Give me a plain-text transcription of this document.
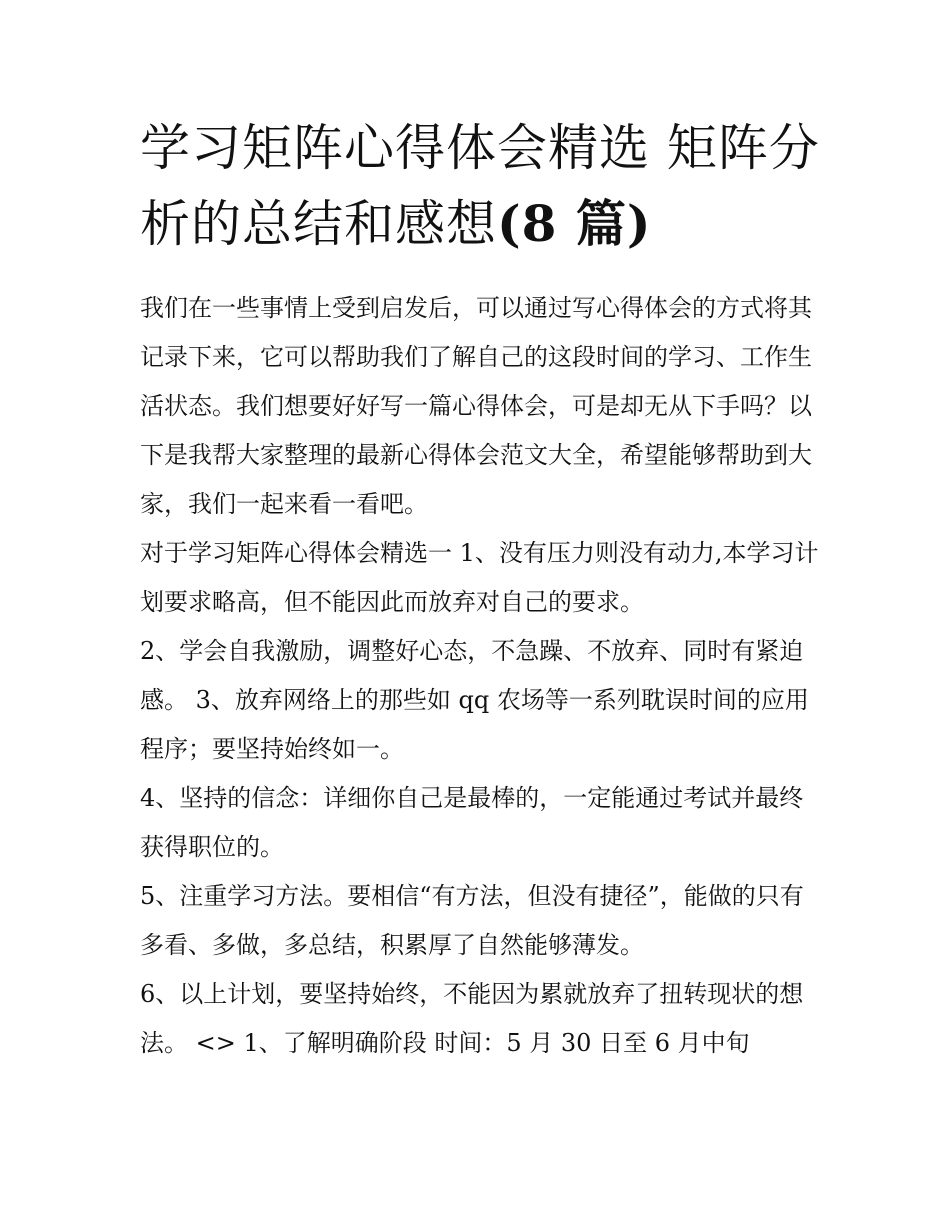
学习矩阵心得体会精选 矩阵分析的总结和感想(8 篇)

我们在一些事情上受到启发后，可以通过写心得体会的方式将其记录下来，它可以帮助我们了解自己的这段时间的学习、工作生活状态。我们想要好好写一篇心得体会，可是却无从下手吗？以下是我帮大家整理的最新心得体会范文大全，希望能够帮助到大家，我们一起来看一看吧。

对于学习矩阵心得体会精选一 1、没有压力则没有动力,本学习计划要求略高，但不能因此而放弃对自己的要求。

2、学会自我激励，调整好心态，不急躁、不放弃、同时有紧迫感。 3、放弃网络上的那些如 qq 农场等一系列耽误时间的应用程序；要坚持始终如一。

4、坚持的信念：详细你自己是最棒的，一定能通过考试并最终获得职位的。

5、注重学习方法。要相信“有方法，但没有捷径”，能做的只有多看、多做，多总结，积累厚了自然能够薄发。

6、以上计划，要坚持始终，不能因为累就放弃了扭转现状的想法。 <> 1、了解明确阶段 时间：5 月 30 日至 6 月中旬
